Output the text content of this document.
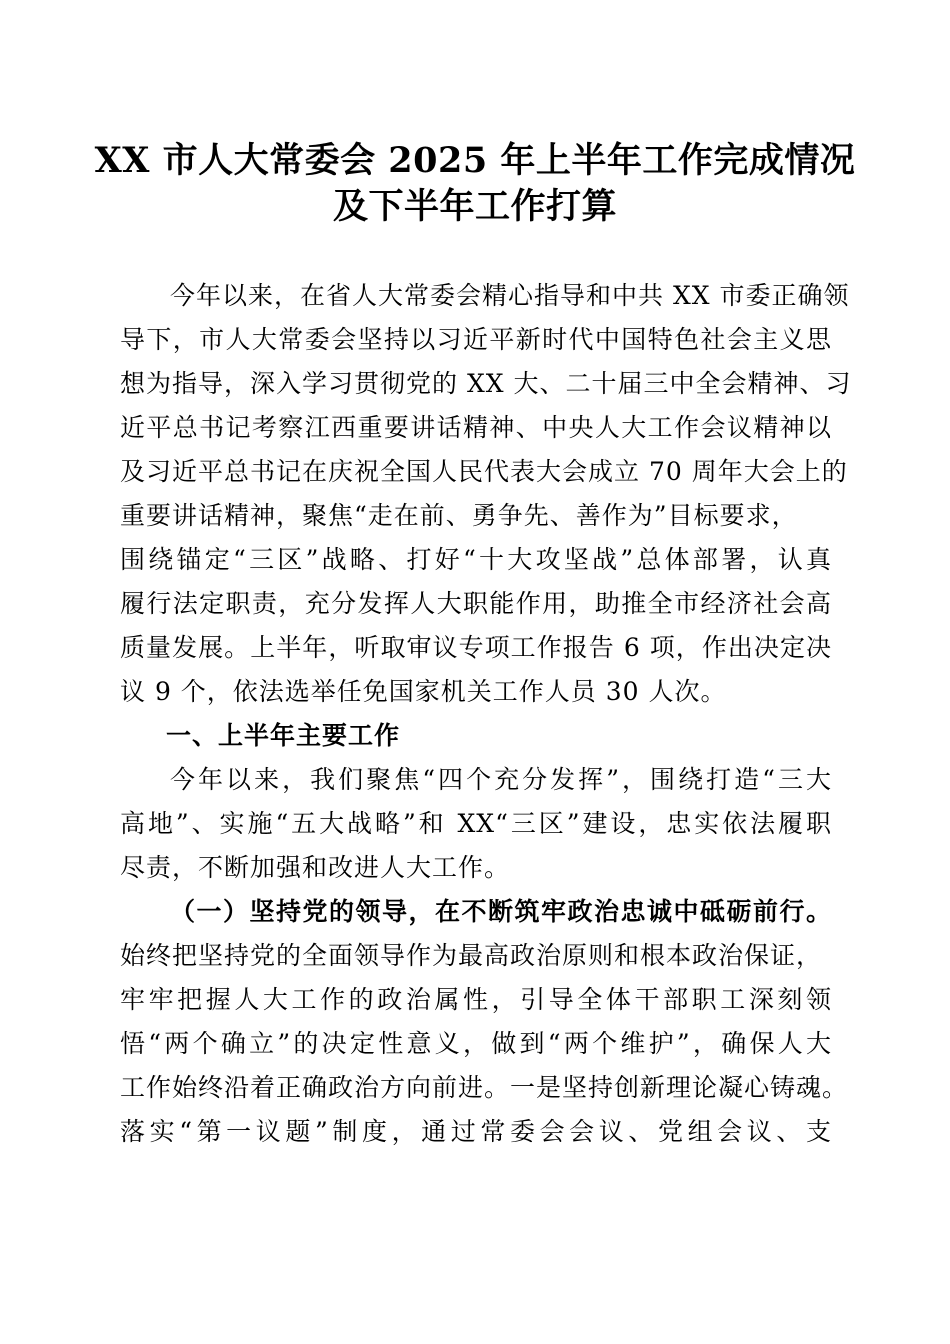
XX 市人大常委会 2025 年上半年工作完成情况
及下半年工作打算
今年以来，在省人大常委会精心指导和中共 XX 市委正确领
导下，市人大常委会坚持以习近平新时代中国特色社会主义思
想为指导，深入学习贯彻党的 XX 大、二十届三中全会精神、习
近平总书记考察江西重要讲话精神、中央人大工作会议精神以
及习近平总书记在庆祝全国人民代表大会成立 70 周年大会上的
重要讲话精神，聚焦“走在前、勇争先、善作为”目标要求，
围绕锚定“三区”战略、打好“十大攻坚战”总体部署，认真
履行法定职责，充分发挥人大职能作用，助推全市经济社会高
质量发展。上半年，听取审议专项工作报告 6 项，作出决定决
议 9 个，依法选举任免国家机关工作人员 30 人次。
一、上半年主要工作
今年以来，我们聚焦“四个充分发挥”，围绕打造“三大
高地”、实施“五大战略”和 XX“三区”建设，忠实依法履职
尽责，不断加强和改进人大工作。
（一）坚持党的领导，在不断筑牢政治忠诚中砥砺前行。
始终把坚持党的全面领导作为最高政治原则和根本政治保证，
牢牢把握人大工作的政治属性，引导全体干部职工深刻领
悟“两个确立”的决定性意义，做到“两个维护”，确保人大
工作始终沿着正确政治方向前进。一是坚持创新理论凝心铸魂。
落实“第一议题”制度，通过常委会会议、党组会议、支
